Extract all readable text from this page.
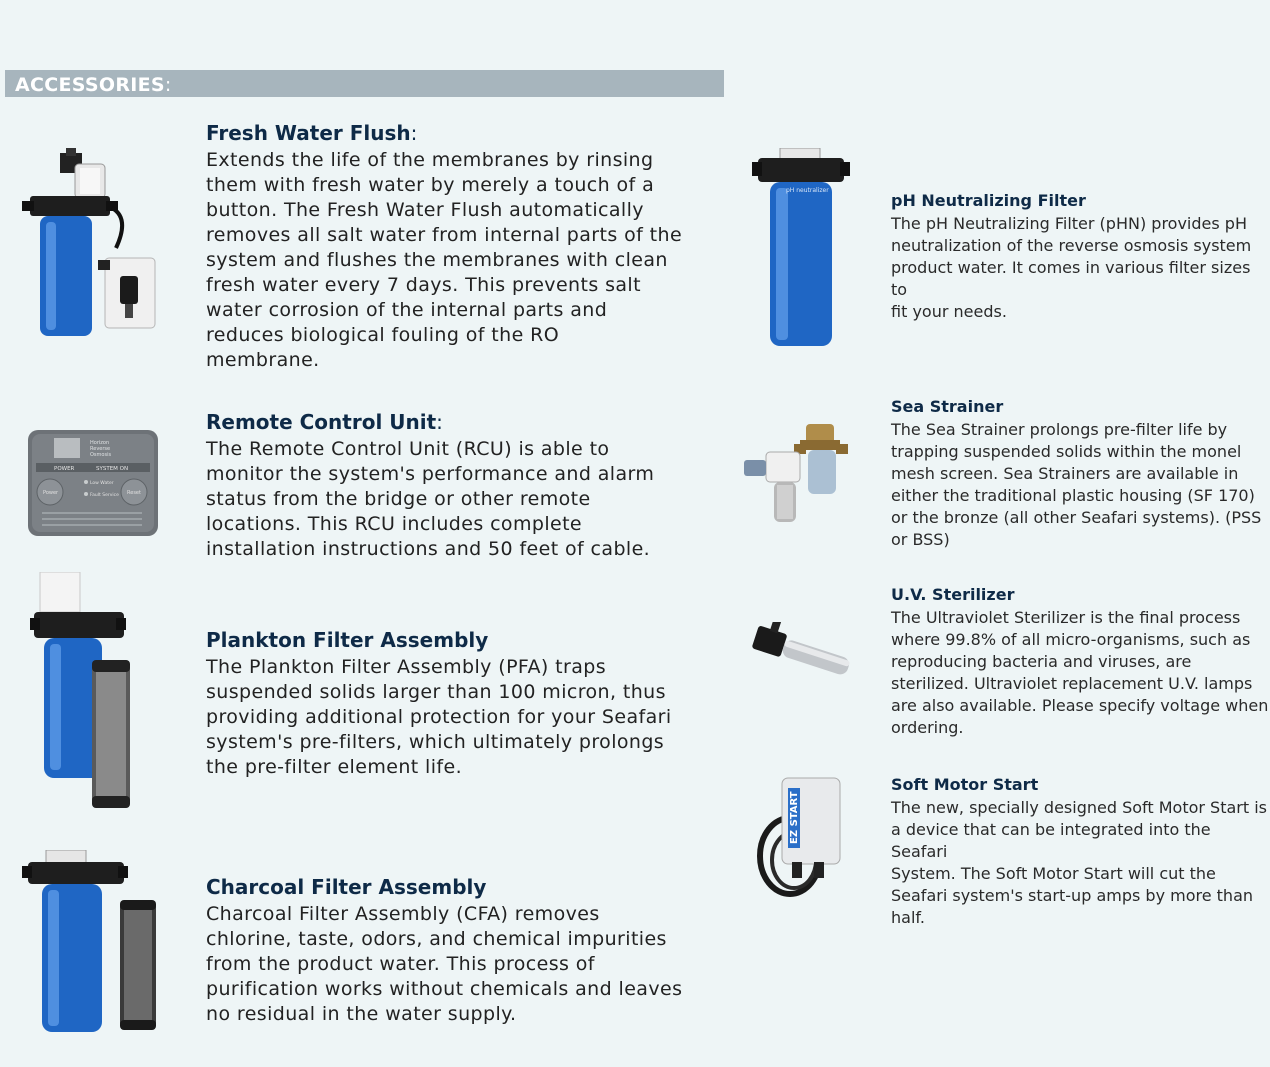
ACCESSORIES:
Horizon
Reverse
Osmosis
POWER	SYSTEM ON
Power	Reset
Low Water
Fault Service
pH neutralizer
EZ START
Fresh Water Flush:
Extends the life of the membranes by rinsing
them with fresh water by merely a touch of a
button. The Fresh Water Flush automatically
removes all salt water from internal parts of the
system and flushes the membranes with clean
fresh water every 7 days. This prevents salt
water corrosion of the internal parts and
reduces biological fouling of the RO
membrane.
Remote Control Unit:
The Remote Control Unit (RCU) is able to
monitor the system's performance and alarm
status from the bridge or other remote
locations. This RCU includes complete
installation instructions and 50 feet of cable.
Plankton Filter Assembly
The Plankton Filter Assembly (PFA) traps
suspended solids larger than 100 micron, thus
providing additional protection for your Seafari
system's pre-filters, which ultimately prolongs
the pre-filter element life.
Charcoal Filter Assembly
Charcoal Filter Assembly (CFA) removes
chlorine, taste, odors, and chemical impurities
from the product water. This process of
purification works without chemicals and leaves
no residual in the water supply.
pH Neutralizing Filter
The pH Neutralizing Filter (pHN) provides pH
neutralization of the reverse osmosis system
product water. It comes in various filter sizes to
fit your needs.
Sea Strainer
The Sea Strainer prolongs pre-filter life by
trapping suspended solids within the monel
mesh screen. Sea Strainers are available in
either the traditional plastic housing (SF 170)
or the bronze (all other Seafari systems). (PSS
or BSS)
U.V. Sterilizer
The Ultraviolet Sterilizer is the final process
where 99.8% of all micro-organisms, such as
reproducing bacteria and viruses, are
sterilized. Ultraviolet replacement U.V. lamps
are also available. Please specify voltage when
ordering.
Soft Motor Start
The new, specially designed Soft Motor Start is
a device that can be integrated into the Seafari
System. The Soft Motor Start will cut the
Seafari system's start-up amps by more than
half.
